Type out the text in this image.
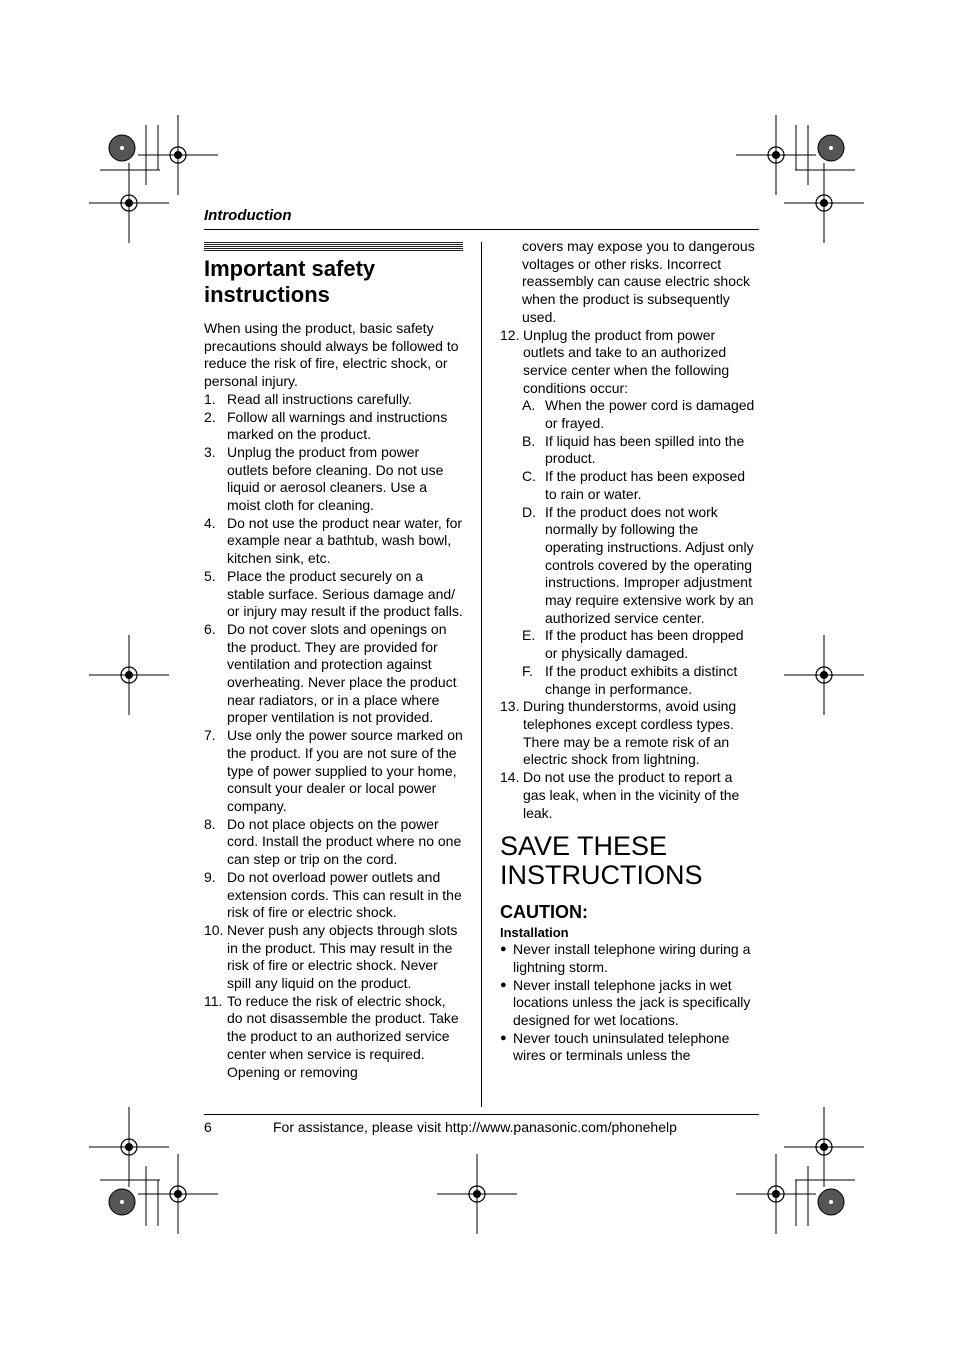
Introduction
Important safety instructions

When using the product, basic safety precautions should always be followed to reduce the risk of fire, electric shock, or personal injury.

1. Read all instructions carefully.
2. Follow all warnings and instructions marked on the product.
3. Unplug the product from power outlets before cleaning. Do not use liquid or aerosol cleaners. Use a moist cloth for cleaning.
4. Do not use the product near water, for example near a bathtub, wash bowl, kitchen sink, etc.
5. Place the product securely on a stable surface. Serious damage and/ or injury may result if the product falls.
6. Do not cover slots and openings on the product. They are provided for ventilation and protection against overheating. Never place the product near radiators, or in a place where proper ventilation is not provided.
7. Use only the power source marked on the product. If you are not sure of the type of power supplied to your home, consult your dealer or local power company.
8. Do not place objects on the power cord. Install the product where no one can step or trip on the cord.
9. Do not overload power outlets and extension cords. This can result in the risk of fire or electric shock.
10. Never push any objects through slots in the product. This may result in the risk of fire or electric shock. Never spill any liquid on the product.
11. To reduce the risk of electric shock, do not disassemble the product. Take the product to an authorized service center when service is required. Opening or removing

covers may expose you to dangerous voltages or other risks. Incorrect reassembly can cause electric shock when the product is subsequently used.

12. Unplug the product from power outlets and take to an authorized service center when the following conditions occur:
A. When the power cord is damaged or frayed.
B. If liquid has been spilled into the product.
C. If the product has been exposed to rain or water.
D. If the product does not work normally by following the operating instructions. Adjust only controls covered by the operating instructions. Improper adjustment may require extensive work by an authorized service center.
E. If the product has been dropped or physically damaged.
F. If the product exhibits a distinct change in performance.
13. During thunderstorms, avoid using telephones except cordless types. There may be a remote risk of an electric shock from lightning.
14. Do not use the product to report a gas leak, when in the vicinity of the leak.
SAVE THESE INSTRUCTIONS
CAUTION:
Installation
● Never install telephone wiring during a lightning storm.
● Never install telephone jacks in wet locations unless the jack is specifically designed for wet locations.
● Never touch uninsulated telephone wires or terminals unless the
6	For assistance, please visit http://www.panasonic.com/phonehelp
